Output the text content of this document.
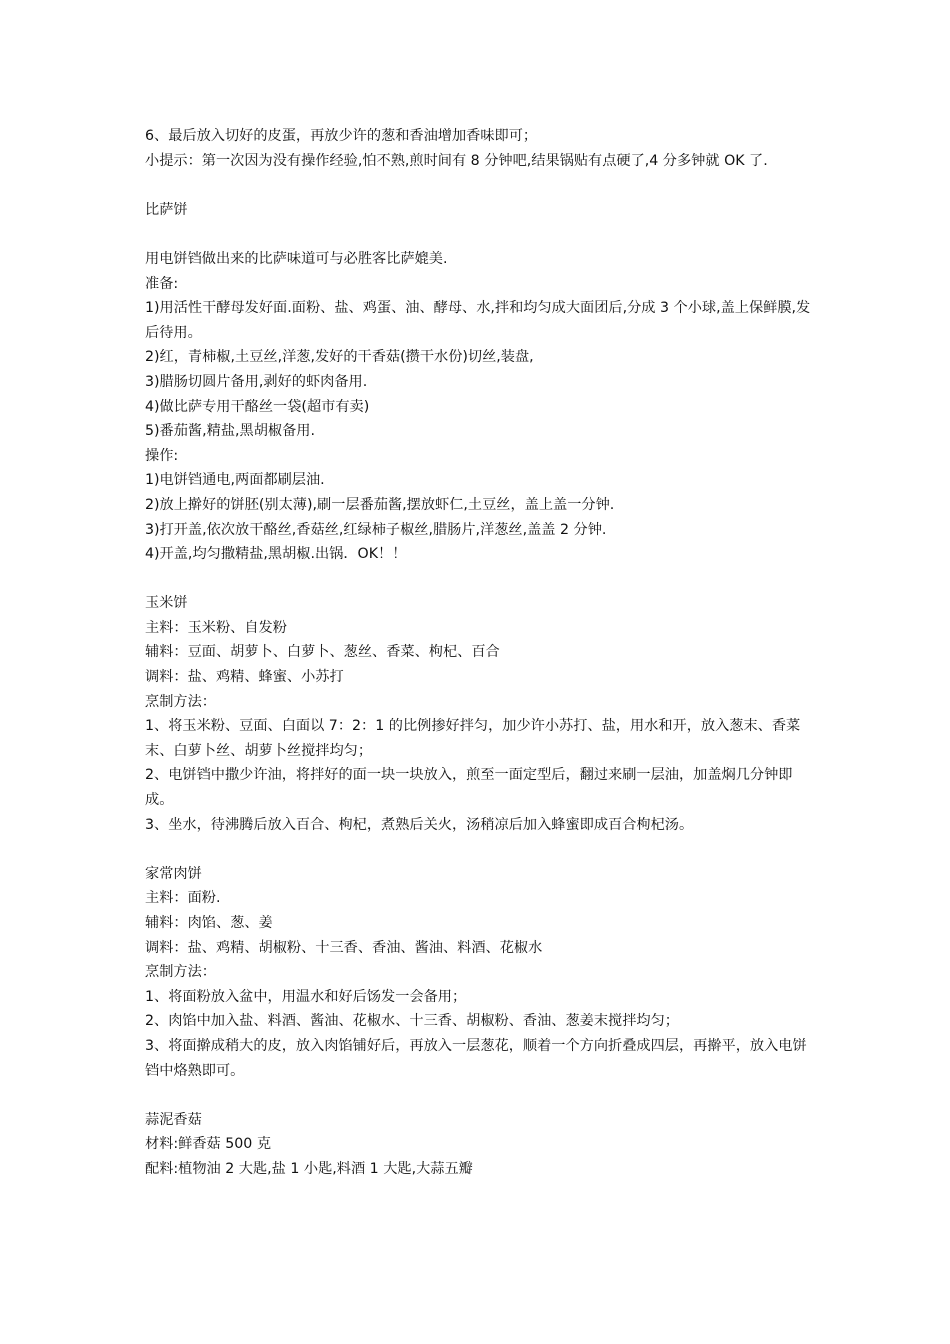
6、最后放入切好的皮蛋，再放少许的葱和香油增加香味即可；

小提示：第一次因为没有操作经验,怕不熟,煎时间有 8 分钟吧,结果锅贴有点硬了,4 分多钟就 OK 了.

比萨饼

用电饼铛做出来的比萨味道可与必胜客比萨媲美.

准备:

1)用活性干酵母发好面.面粉、盐、鸡蛋、油、酵母、水,拌和均匀成大面团后,分成 3 个小球,盖上保鲜膜,发后待用。

2)红，青柿椒,土豆丝,洋葱,发好的干香菇(攒干水份)切丝,装盘,

3)腊肠切圆片备用,剥好的虾肉备用.

4)做比萨专用干酪丝一袋(超市有卖)

5)番茄酱,精盐,黑胡椒备用.

操作:

1)电饼铛通电,两面都刷层油.

2)放上擀好的饼胚(别太薄),刷一层番茄酱,摆放虾仁,土豆丝，盖上盖一分钟.

3)打开盖,依次放干酪丝,香菇丝,红绿柿子椒丝,腊肠片,洋葱丝,盖盖 2 分钟.

4)开盖,均匀撒精盐,黑胡椒.出锅．OK！！

玉米饼

主料：玉米粉、自发粉

辅料：豆面、胡萝卜、白萝卜、葱丝、香菜、枸杞、百合

调料：盐、鸡精、蜂蜜、小苏打

烹制方法：

1、将玉米粉、豆面、白面以 7：2：1 的比例掺好拌匀，加少许小苏打、盐，用水和开，放入葱末、香菜末、白萝卜丝、胡萝卜丝搅拌均匀；

2、电饼铛中撒少许油，将拌好的面一块一块放入，煎至一面定型后，翻过来刷一层油，加盖焖几分钟即成。

3、坐水，待沸腾后放入百合、枸杞，煮熟后关火，汤稍凉后加入蜂蜜即成百合枸杞汤。

家常肉饼

主料：面粉.

辅料：肉馅、葱、姜

调料：盐、鸡精、胡椒粉、十三香、香油、酱油、料酒、花椒水

烹制方法：

1、将面粉放入盆中，用温水和好后饧发一会备用；

2、肉馅中加入盐、料酒、酱油、花椒水、十三香、胡椒粉、香油、葱姜末搅拌均匀；

3、将面擀成稍大的皮，放入肉馅铺好后，再放入一层葱花，顺着一个方向折叠成四层，再擀平，放入电饼铛中烙熟即可。

蒜泥香菇

材料:鲜香菇 500 克

配料:植物油 2 大匙,盐 1 小匙,料酒 1 大匙,大蒜五瓣
